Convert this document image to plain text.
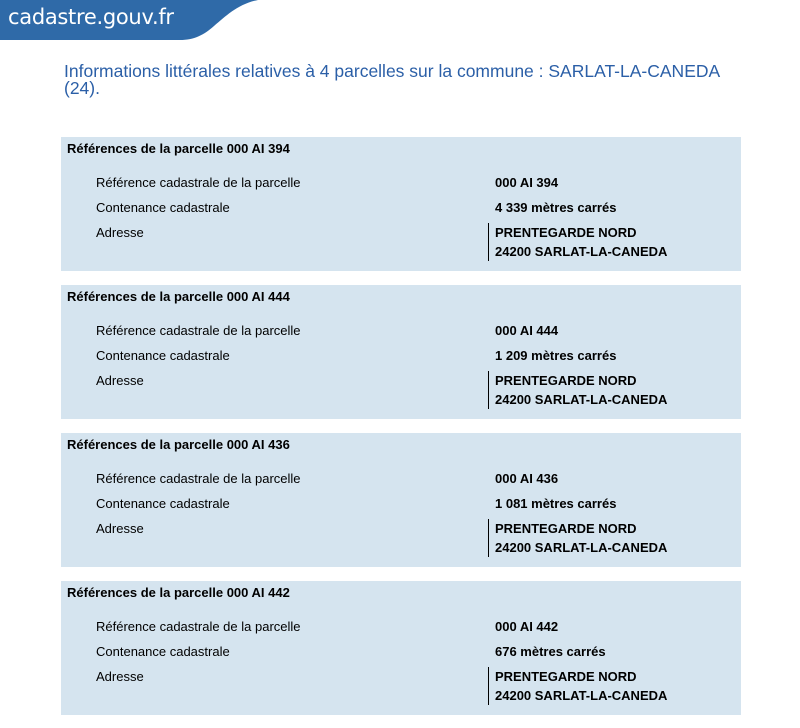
cadastre.gouv.fr
Informations littérales relatives à 4 parcelles sur la commune : SARLAT-LA-CANEDA (24).
Références de la parcelle 000 AI 394
Référence cadastrale de la parcelle	000 AI 394
Contenance cadastrale	4 339 mètres carrés
Adresse	PRENTEGARDE NORD
24200 SARLAT-LA-CANEDA
Références de la parcelle 000 AI 444
Référence cadastrale de la parcelle	000 AI 444
Contenance cadastrale	1 209 mètres carrés
Adresse	PRENTEGARDE NORD
24200 SARLAT-LA-CANEDA
Références de la parcelle 000 AI 436
Référence cadastrale de la parcelle	000 AI 436
Contenance cadastrale	1 081 mètres carrés
Adresse	PRENTEGARDE NORD
24200 SARLAT-LA-CANEDA
Références de la parcelle 000 AI 442
Référence cadastrale de la parcelle	000 AI 442
Contenance cadastrale	676 mètres carrés
Adresse	PRENTEGARDE NORD
24200 SARLAT-LA-CANEDA
